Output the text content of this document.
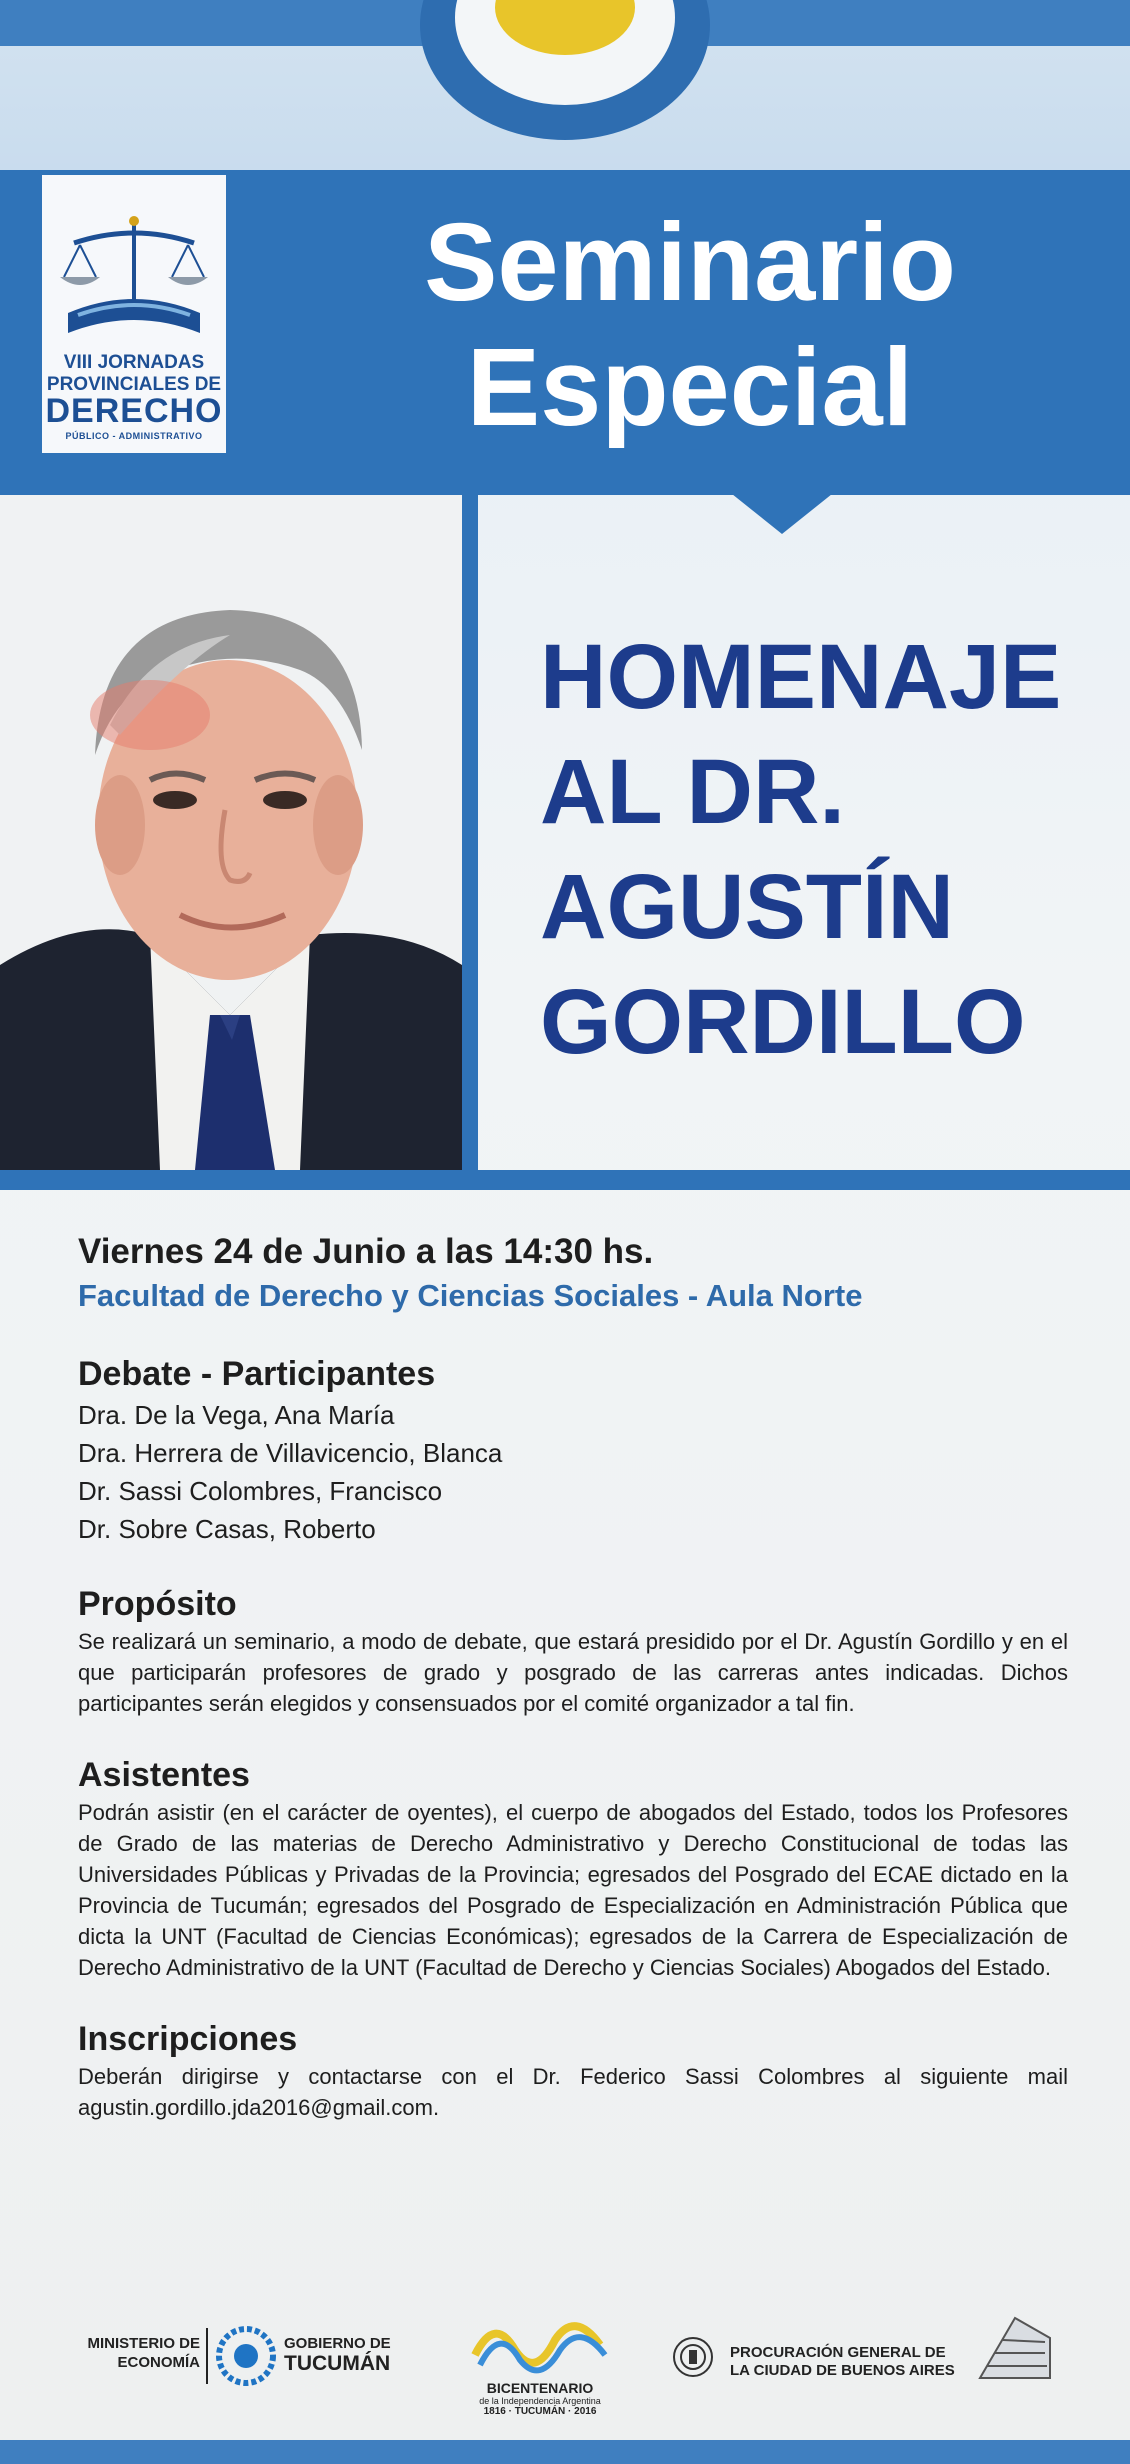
VIII JORNADAS
PROVINCIALES DE
DERECHO
PÚBLICO - ADMINISTRATIVO
Seminario
Especial
HOMENAJE
AL DR.
AGUSTÍN
GORDILLO
Viernes 24 de Junio a las 14:30 hs.
Facultad de Derecho y Ciencias Sociales - Aula Norte
Debate - Participantes
Dra. De la Vega, Ana María
Dra. Herrera de Villavicencio, Blanca
Dr. Sassi Colombres, Francisco
Dr. Sobre Casas, Roberto
Propósito
Se realizará un seminario, a modo de debate, que estará presidido por el Dr. Agustín Gordillo y en el que participarán profesores de grado y posgrado de las carreras antes indicadas. Dichos participantes serán elegidos y consensuados por el comité organizador a tal fin.
Asistentes
Podrán asistir (en el carácter de oyentes), el cuerpo de abogados del Estado, todos los Profesores de Grado de las materias de Derecho Administrativo y Derecho Constitucional de todas las Universidades Públicas y Privadas de la Provincia; egresados del Posgrado del ECAE dictado en la Provincia de Tucumán; egresados del Posgrado de Especialización en Administración Pública que dicta la UNT (Facultad de Ciencias Económicas); egresados de la Carrera de Especialización de Derecho Administrativo de la UNT (Facultad de Derecho y Ciencias Sociales) Abogados del Estado.
Inscripciones
Deberán dirigirse y contactarse con el Dr. Federico Sassi Colombres al siguiente mail agustin.gordillo.jda2016@gmail.com.
MINISTERIO DE
ECONOMÍA
GOBIERNO DE
TUCUMÁN
BICENTENARIO
de la Independencia Argentina
1816 · TUCUMÁN · 2016
PROCURACIÓN GENERAL DE
LA CIUDAD DE BUENOS AIRES
